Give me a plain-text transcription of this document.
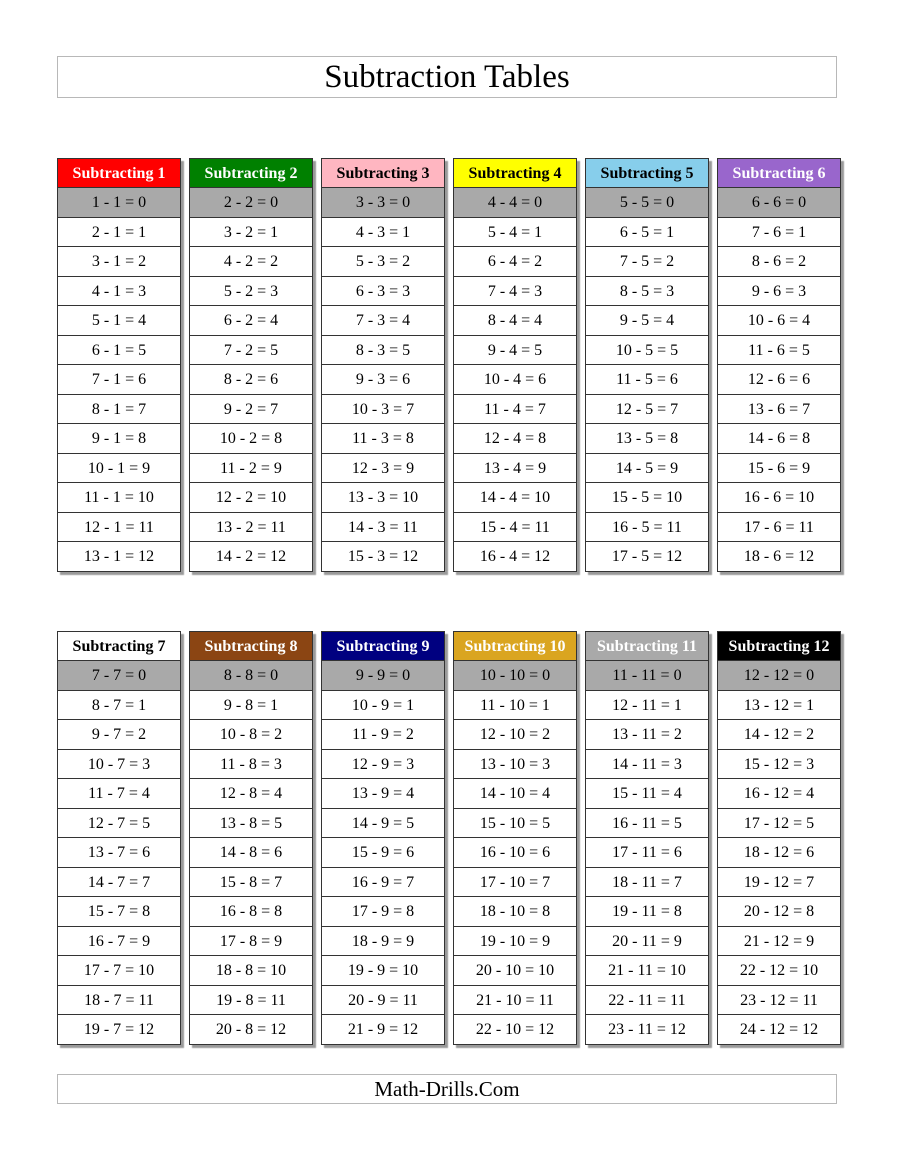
Subtraction Tables
Subtracting 1
1 - 1 = 0
2 - 1 = 1
3 - 1 = 2
4 - 1 = 3
5 - 1 = 4
6 - 1 = 5
7 - 1 = 6
8 - 1 = 7
9 - 1 = 8
10 - 1 = 9
11 - 1 = 10
12 - 1 = 11
13 - 1 = 12
Subtracting 2
2 - 2 = 0
3 - 2 = 1
4 - 2 = 2
5 - 2 = 3
6 - 2 = 4
7 - 2 = 5
8 - 2 = 6
9 - 2 = 7
10 - 2 = 8
11 - 2 = 9
12 - 2 = 10
13 - 2 = 11
14 - 2 = 12
Subtracting 3
3 - 3 = 0
4 - 3 = 1
5 - 3 = 2
6 - 3 = 3
7 - 3 = 4
8 - 3 = 5
9 - 3 = 6
10 - 3 = 7
11 - 3 = 8
12 - 3 = 9
13 - 3 = 10
14 - 3 = 11
15 - 3 = 12
Subtracting 4
4 - 4 = 0
5 - 4 = 1
6 - 4 = 2
7 - 4 = 3
8 - 4 = 4
9 - 4 = 5
10 - 4 = 6
11 - 4 = 7
12 - 4 = 8
13 - 4 = 9
14 - 4 = 10
15 - 4 = 11
16 - 4 = 12
Subtracting 5
5 - 5 = 0
6 - 5 = 1
7 - 5 = 2
8 - 5 = 3
9 - 5 = 4
10 - 5 = 5
11 - 5 = 6
12 - 5 = 7
13 - 5 = 8
14 - 5 = 9
15 - 5 = 10
16 - 5 = 11
17 - 5 = 12
Subtracting 6
6 - 6 = 0
7 - 6 = 1
8 - 6 = 2
9 - 6 = 3
10 - 6 = 4
11 - 6 = 5
12 - 6 = 6
13 - 6 = 7
14 - 6 = 8
15 - 6 = 9
16 - 6 = 10
17 - 6 = 11
18 - 6 = 12
Subtracting 7
7 - 7 = 0
8 - 7 = 1
9 - 7 = 2
10 - 7 = 3
11 - 7 = 4
12 - 7 = 5
13 - 7 = 6
14 - 7 = 7
15 - 7 = 8
16 - 7 = 9
17 - 7 = 10
18 - 7 = 11
19 - 7 = 12
Subtracting 8
8 - 8 = 0
9 - 8 = 1
10 - 8 = 2
11 - 8 = 3
12 - 8 = 4
13 - 8 = 5
14 - 8 = 6
15 - 8 = 7
16 - 8 = 8
17 - 8 = 9
18 - 8 = 10
19 - 8 = 11
20 - 8 = 12
Subtracting 9
9 - 9 = 0
10 - 9 = 1
11 - 9 = 2
12 - 9 = 3
13 - 9 = 4
14 - 9 = 5
15 - 9 = 6
16 - 9 = 7
17 - 9 = 8
18 - 9 = 9
19 - 9 = 10
20 - 9 = 11
21 - 9 = 12
Subtracting 10
10 - 10 = 0
11 - 10 = 1
12 - 10 = 2
13 - 10 = 3
14 - 10 = 4
15 - 10 = 5
16 - 10 = 6
17 - 10 = 7
18 - 10 = 8
19 - 10 = 9
20 - 10 = 10
21 - 10 = 11
22 - 10 = 12
Subtracting 11
11 - 11 = 0
12 - 11 = 1
13 - 11 = 2
14 - 11 = 3
15 - 11 = 4
16 - 11 = 5
17 - 11 = 6
18 - 11 = 7
19 - 11 = 8
20 - 11 = 9
21 - 11 = 10
22 - 11 = 11
23 - 11 = 12
Subtracting 12
12 - 12 = 0
13 - 12 = 1
14 - 12 = 2
15 - 12 = 3
16 - 12 = 4
17 - 12 = 5
18 - 12 = 6
19 - 12 = 7
20 - 12 = 8
21 - 12 = 9
22 - 12 = 10
23 - 12 = 11
24 - 12 = 12
Math-Drills.Com
